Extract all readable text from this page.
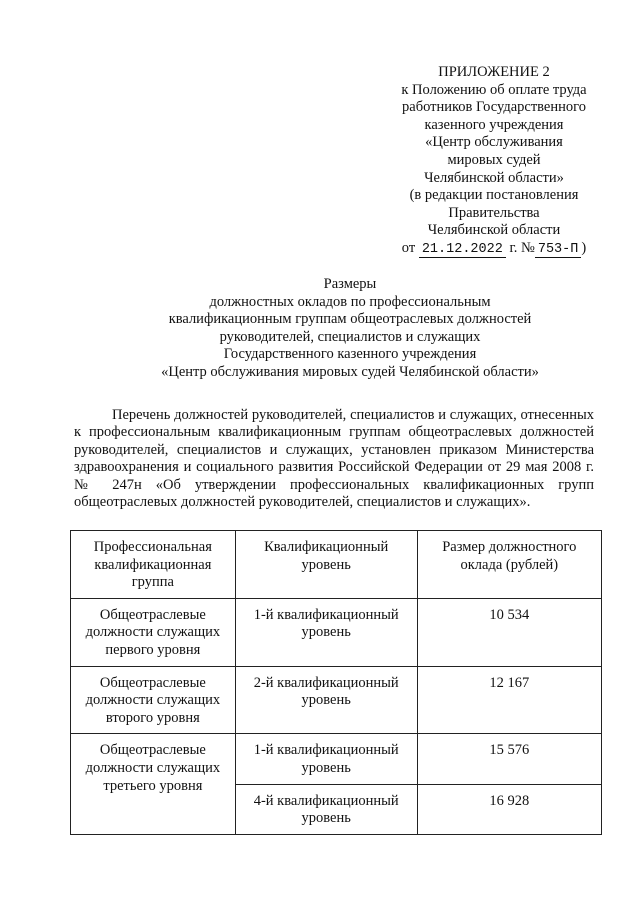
ПРИЛОЖЕНИЕ 2
к Положению об оплате труда
работников Государственного
казенного учреждения
«Центр обслуживания
мировых судей
Челябинской области»
(в редакции постановления
Правительства
Челябинской области
от 21.12.2022 г. № 753-П )
Размеры
должностных окладов по профессиональным
квалификационным группам общеотраслевых должностей
руководителей, специалистов и служащих
Государственного казенного учреждения
«Центр обслуживания мировых судей Челябинской области»

Перечень должностей руководителей, специалистов и служащих, отнесенных к профессиональным квалификационным группам общеотраслевых должностей руководителей, специалистов и служащих, установлен приказом Министерства здравоохранения и социального развития Российской Федерации от 29 мая 2008 г. № 247н «Об утверждении профессиональных квалификационных групп общеотраслевых должностей руководителей, специалистов и служащих».

Профессиональная квалификационная группа	Квалификационный уровень	Размер должностного оклада (рублей)
Общеотраслевые должности служащих первого уровня	1-й квалификационный уровень	10 534
Общеотраслевые должности служащих второго уровня	2-й квалификационный уровень	12 167
Общеотраслевые должности служащих третьего уровня	1-й квалификационный уровень	15 576
	4-й квалификационный уровень	16 928
